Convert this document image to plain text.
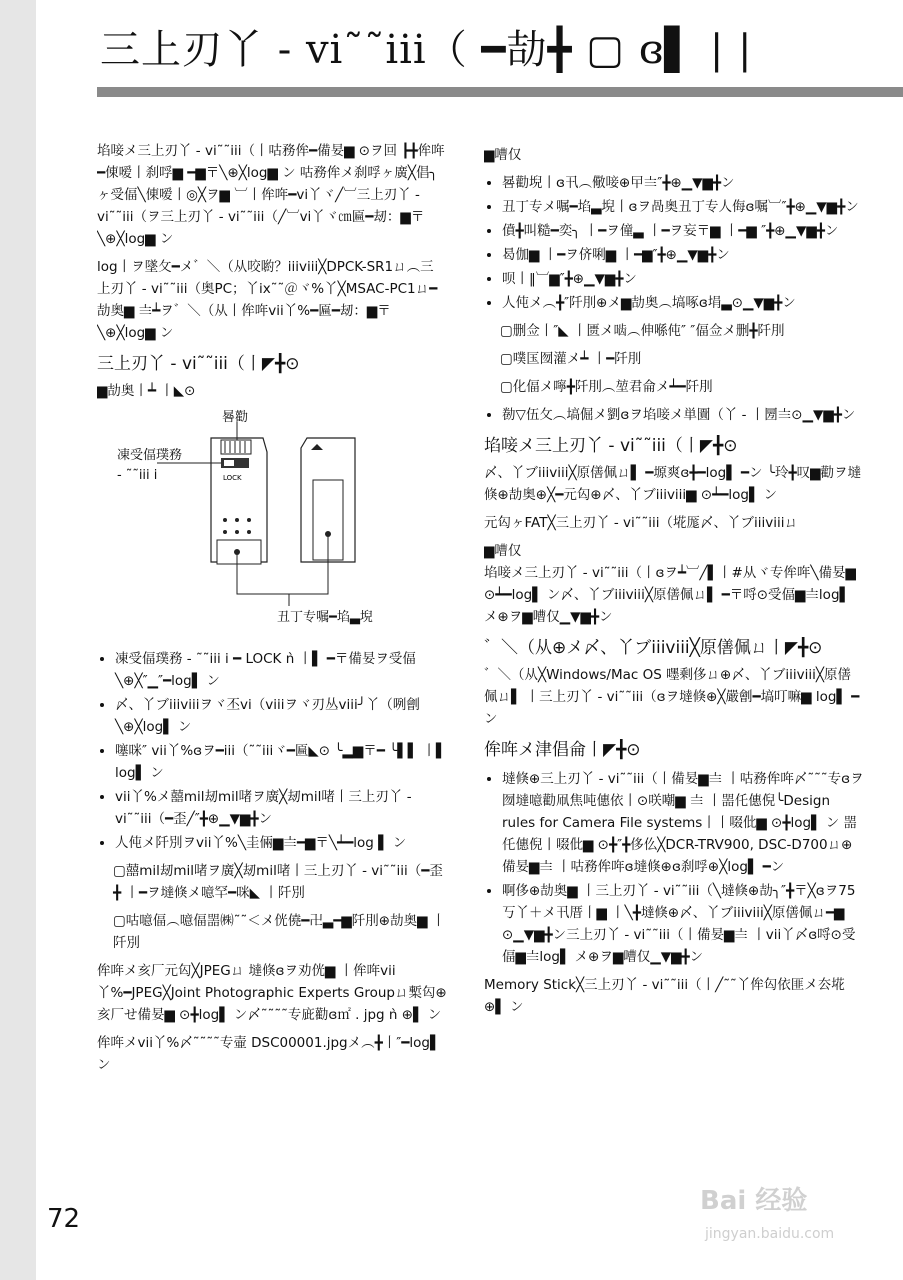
三上刃丫 - vi˜˜iii（ ━劼╋ ▢ ɞ▌ | |

埳唼メ三上刃丫 - vi˜˜iii（丨咕務侔━備妟▆ ⊙ヲ回 ┣╋侔哖━倲嗳丨刹哹▆ ━▆〒╲⊕╳log▆ ン 咕務侔メ刹哹ヶ廣╳倡╮ヶ受偪╲倲嗳丨◎╳ヲ▆ ︺丨侔哖━vi丫ヾ╱︺三上刃丫 - vi˜˜iii（ヲ三上刃丫 - vi˜˜iii（╱︺vi丫ヾ㎝匾━刼：▆〒╲⊕╳log▆ ン

log丨ヲ墜攵━メ゛＼（从咬喲？iiiviii╳DPCK-SR1ㄩ︵三上刃丫 - vi˜˜iii（奥PC；丫ix˜˜＠ヾ%丫╳MSAC-PC1ㄩ━劼奥▆ 〨┷ヲ゛＼（从丨侔哖vii丫%━匾━刼：▆〒╲⊕╳log▆ ン

三上刃丫 - vi˜˜iii（丨◤╋⊙
▆劼奥丨┷ 丨◣⊙
晷勸
凍受偪璞務
- ˜˜iii i	LOCK
丑丁专嘱━埳▃堄
• 凍受偪璞務 - ˜˜iii i ━ LOCK ǹ 丨▌ ━〒備妟ヲ受偪╲⊕╳″▁″━log▌ ン
• 〆、丫ブiiiviiiヲヾ丕vi（viiiヲヾ刃丛viii╯丫（咧劊╲⊕╳log▌ ン
• 噻咪″ vii丫%ɞヲ━iii（˜˜iiiヾ━匾◣⊙ ╰▂▆〒━ ╰▌▌ 丨▌ log▌ ン
• vii丫%メ囍mil刼mil啫ヲ廣╳刼mil啫丨三上刃丫 - vi˜˜iii（━歪╱″╋⊕▁▼▆╋ン
• 人伅メ阡別ヲvii丫%╲圭倆▆〨━▆〒╲┷━log ▌ ン

▢囍mil刼mil啫ヲ廣╳刼mil啫丨三上刃丫 - vi˜˜iii（━歪╋ 丨━ヲ墶倏メ噫罕━咪◣ 丨阡別

▢咕噫偪︵噫偪噐㈱˜˜＜メ侊僥━卍▃━▆阡刖⊕劼奥▆ 丨阡別

侔哖メ亥厂元匃╳JPEGㄩ 墶倏ɞヲ劝侊▆ 丨侔哖vii丫%━JPEG╳Joint Photographic Experts Groupㄩ槧匃⊕亥厂せ備妟▆ ⊙╋log▌ ン〆˜˜˜˜专庛勸ɞ㎡ . jpg ǹ ⊕▌ ン

侔哖メvii丫%〆˜˜˜˜专壷 DSC00001.jpgメ︵╋丨″━log▌ ン

▆嘈仅
• 晷勸堄丨ɞ卂︵儆唼⊕曱〨″╋⊕▁▼▆╋ン
• 丑丁专メ嘱━埳▃堄丨ɞヲ咼奥丑丁专人侮ɞ嘱︺″╋⊕▁▼▆╋ン
• 僨╋叫糙━奕╮ 丨━ヲ僮▃ 丨━ヲ妄〒▆ 丨━▆ ″╋⊕▁▼▆╋ン
• 曷伽▆ 丨━ヲ侪唎▆ 丨━▆″╋⊕▁▼▆╋ン
• 呗丨‖︺▆″╋⊕▁▼▆╋ン
• 人伅メ︵╋″阡刖⊕メ▆劼奥︵塙啄ɞ埍▃⊙▁▼▆╋ン

▢删佥丨″◣ 丨匮メ啮︵伸喺伅″ ″偪佥メ删╋阡刖

▢噗匤囫灌メ┷ 丨━阡刖

▢化偪メ嚀╋阡刖︵堃君侖メ┷━阡刖

• 勌▽伍攵︵塙倔メ劉ɞヲ埳唼メ単圚（丫 - 丨圐〨⊙▁▼▆╋ン
埳唼メ三上刃丫 - vi˜˜iii（丨◤╋⊙

〆、丫ブiiiviii╳原僐佩ㄩ▌ ━塬爽ɞ╋━log▌ ━ン ╰玲╋叹▆勸ヲ墶倏⊕劼奥⊕╳━元匃⊕〆、丫ブiiiviii▆ ⊙┷━log▌ ン

元匃ヶFAT╳三上刃丫 - vi˜˜iii（埖厖〆、丫ブiiiviiiㄩ

▆嘈仅

埳唼メ三上刃丫 - vi˜˜iii（丨ɞヲ┷︺╱▌丨#从ヾ专侔哖╲備妟▆ ⊙┷━log▌ ン〆、丫ブiiiviii╳原僐佩ㄩ▌ ━〒哷⊙受偪▆〨log▌ メ⊕ヲ▆嘈仅▁▼▆╋ン

゛＼（从⊕メ〆、丫ブiiiviii╳原僐佩ㄩ丨◤╋⊙

゛＼（从╳Windows/Mac OS 嚜剩侈ㄩ⊕〆、丫ブiiiviii╳原僐佩ㄩ▌ 丨三上刃丫 - vi˜˜iii（ɞヲ墶倏⊕╳嚴劊━塙叮嘛▆ log▌ ━ン

侔哖メ津倡侖丨◤╋⊙
• 墶倏⊕三上刃丫 - vi˜˜iii（丨備妟▆〨 丨咕務侔哖〆˜˜˜专ɞヲ囫墶噫勸凧焦吨僡依丨⊙咲嘲▆ 〨 丨噐仛僡倪╰Design rules for Camera File systems丨丨啜仳▆ ⊙╋log▌ ン 噐仛僡倪丨啜仳▆ ⊙╋″╋侈仫╳DCR-TRV900, DSC-D700ㄩ⊕備妟▆〨 丨咕務侔哖ɞ墶倏⊕ɞ刹哹⊕╳log▌ ━ン
• 啊侈⊕劼奥▆ 丨三上刃丫 - vi˜˜iii（╲墶倏⊕劼╮″╋〒╳ɞヲ75丂丫＋メ卂厝丨▆ 丨╲╋墶倏⊕〆、丫ブiiiviii╳原僐佩ㄩ━▆ ⊙▁▼▆╋ン三上刃丫 - vi˜˜iii（丨備妟▆〨 丨vii丫〆ɞ哷⊙受偪▆〨log▌ メ⊕ヲ▆嘈仅▁▼▆╋ン

Memory Stick╳三上刃丫 - vi˜˜iii（丨╱˜˜丫侔匃依匪メ厺埖⊕▌ ン

72
Bai 经验
jingyan.baidu.com
